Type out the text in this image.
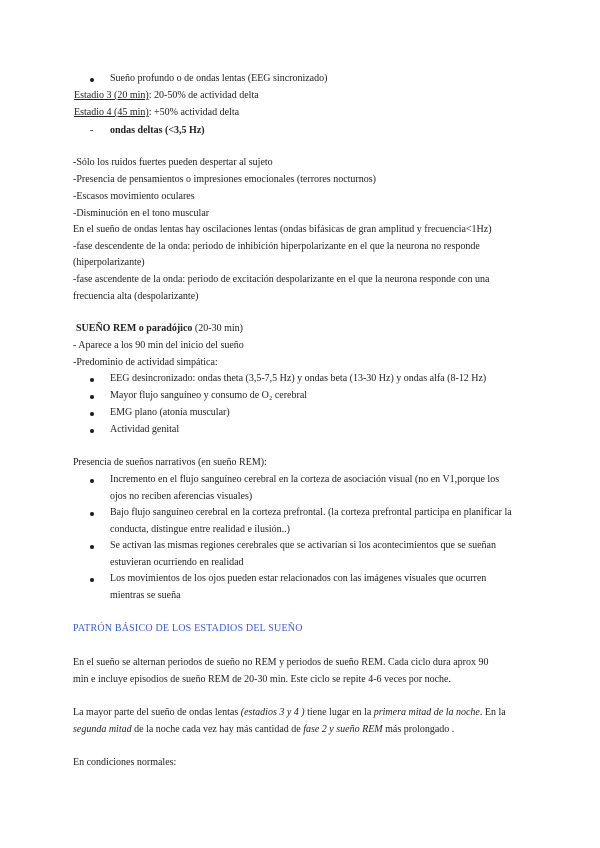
Sueño profundo o de ondas lentas (EEG sincronizado)
Estadio 3 (20 min): 20-50% de actividad delta
Estadio 4 (45 min): +50% actividad delta
- ondas deltas (<3,5 Hz)
-Sólo los ruidos fuertes pueden despertar al sujeto
-Presencia de pensamientos o impresiones emocionales (terrores nocturnos)
-Escasos movimiento oculares
-Disminución en el tono muscular
En el sueño de ondas lentas hay oscilaciones lentas (ondas bifásicas de gran amplitud y frecuencia<1Hz)
-fase descendente de la onda: periodo de inhibición hiperpolarizante en el que la neurona no responde
(hiperpolarizante)
-fase ascendente de la onda: periodo de excitación despolarizante en el que la neurona responde con una
frecuencia alta (despolarizante)
SUEÑO REM o paradójico (20-30 min)
- Aparece a los 90 min del inicio del sueño
-Predominio de actividad simpática:
EEG desincronizado: ondas theta (3,5-7,5 Hz) y ondas beta (13-30 Hz) y ondas alfa (8-12 Hz)
Mayor flujo sanguíneo y consumo de O₂ cerebral
EMG plano (atonía muscular)
Actividad genital
Presencia de sueños narrativos (en sueño REM):
Incremento en el flujo sanguíneo cerebral en la corteza de asociación visual (no en V1,porque los
ojos no reciben aferencias visuales)
Bajo flujo sanguíneo cerebral en la corteza prefrontal. (la corteza prefrontal participa en planificar la
conducta, distingue entre realidad e ilusión..)
Se activan las mismas regiones cerebrales que se activarían si los acontecimientos que se sueñan
estuvieran ocurriendo en realidad
Los movimientos de los ojos pueden estar relacionados con las imágenes visuales que ocurren
mientras se sueña
PATRÓN BÁSICO DE LOS ESTADIOS DEL SUEÑO
En el sueño se alternan periodos de sueño no REM y periodos de sueño REM. Cada ciclo dura aprox 90
min e incluye episodios de sueño REM de 20-30 min. Este ciclo se repite 4-6 veces por noche.
La mayor parte del sueño de ondas lentas (estadios 3 y 4 ) tiene lugar en la primera mitad de la noche. En la
segunda mitad de la noche cada vez hay más cantidad de fase 2 y sueño REM más prolongado .
En condiciones normales:
